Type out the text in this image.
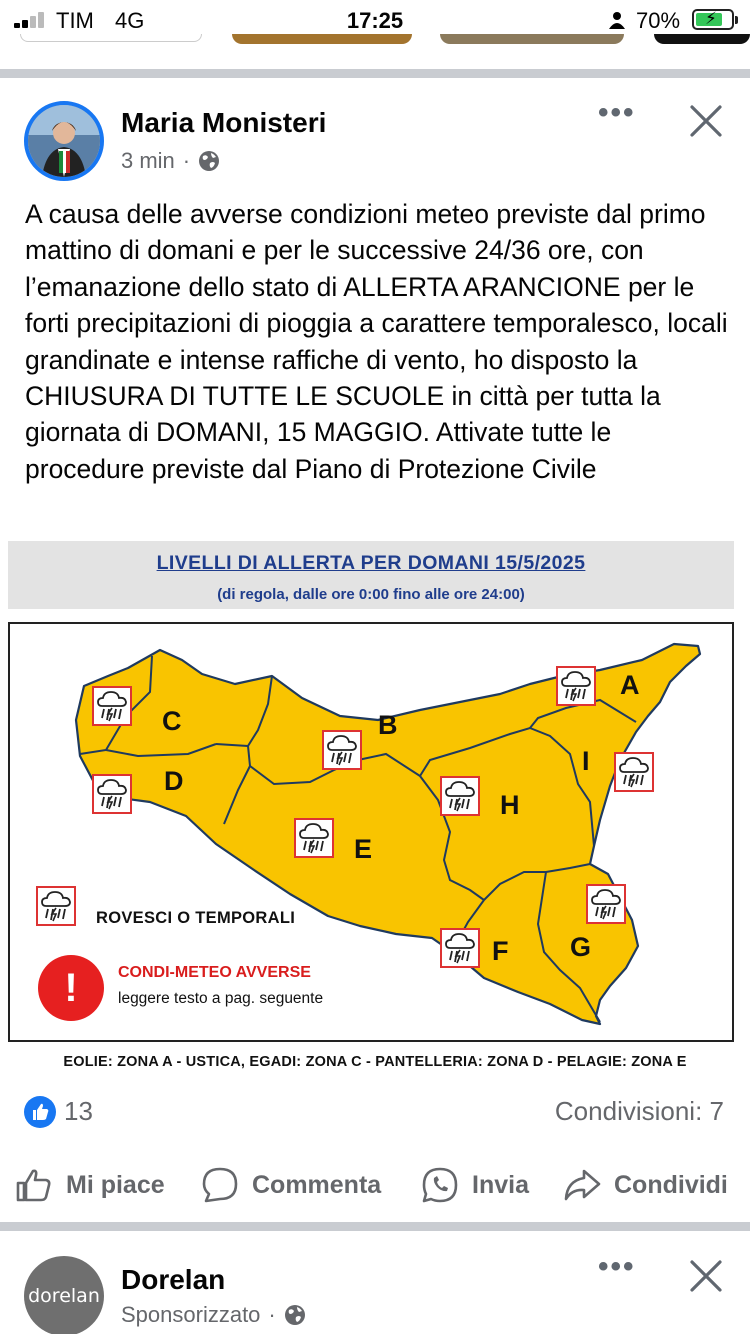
TIM 4G	17:25	70% ⚡
Maria Monisteri
3 min ·
•••
A causa delle avverse condizioni meteo previste dal primo mattino di domani e per le successive 24/36 ore, con l’emanazione dello stato di ALLERTA ARANCIONE per le forti precipitazioni di pioggia a carattere temporalesco, locali grandinate e intense raffiche di vento, ho disposto la CHIUSURA DI TUTTE LE SCUOLE in città per tutta la giornata di DOMANI, 15 MAGGIO. Attivate tutte le procedure previste dal Piano di Protezione Civile
LIVELLI DI ALLERTA PER DOMANI 15/5/2025
(di regola, dalle ore 0:00 fino alle ore 24:00)
A
B
C
D
E
F G
H
I
ROVESCI O TEMPORALI
!	CONDI-METEO AVVERSE
leggere testo a pag. seguente
EOLIE: ZONA A - USTICA, EGADI: ZONA C - PANTELLERIA: ZONA D - PELAGIE: ZONA E
13	Condivisioni: 7
Mi piace	Commenta	Invia	Condividi
dorelan
Dorelan
Sponsorizzato ·
•••
